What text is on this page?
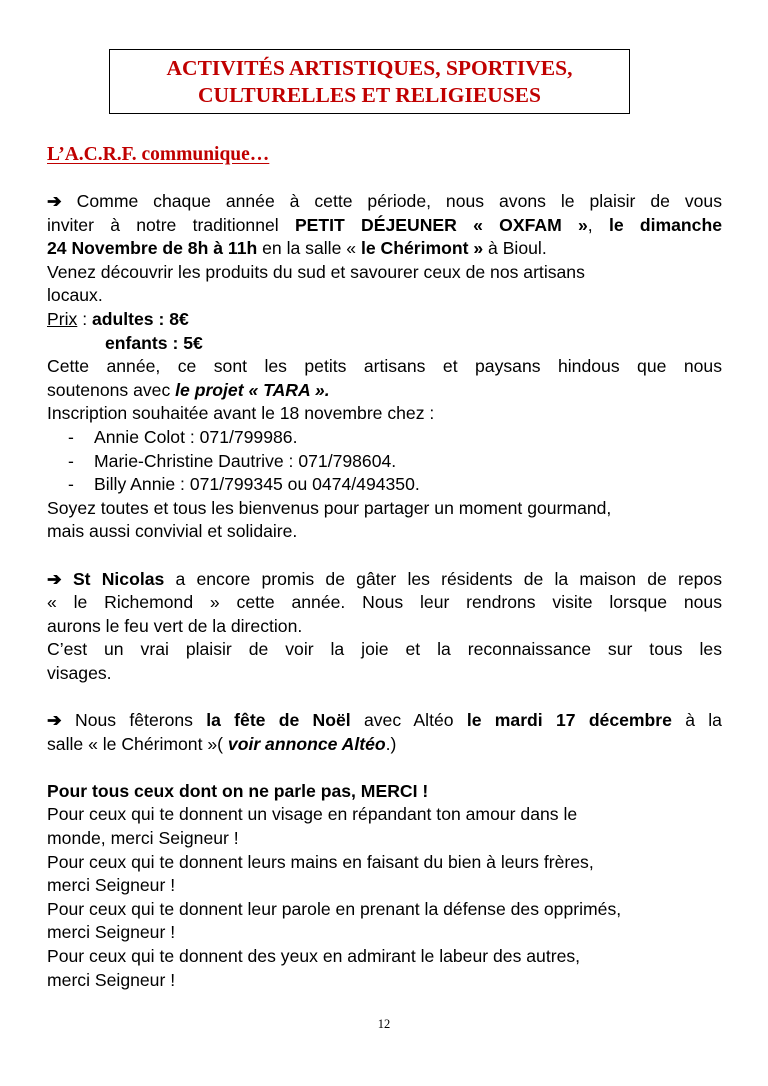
ACTIVITÉS ARTISTIQUES, SPORTIVES,
CULTURELLES ET RELIGIEUSES
L’A.C.R.F. communique…
➔ Comme chaque année à cette période, nous avons le plaisir de vous
inviter à notre traditionnel PETIT DÉJEUNER « OXFAM », le dimanche
24 Novembre de 8h à 11h en la salle « le Chérimont » à Bioul.
Venez découvrir les produits du sud et savourer ceux de nos artisans
locaux.
Prix : adultes : 8€
enfants : 5€
Cette année, ce sont les petits artisans et paysans hindous que nous
soutenons avec le projet « TARA ».
Inscription souhaitée avant le 18 novembre chez :
- Annie Colot : 071/799986.
- Marie-Christine Dautrive : 071/798604.
- Billy Annie : 071/799345 ou 0474/494350.
Soyez toutes et tous les bienvenus pour partager un moment gourmand,
mais aussi convivial et solidaire.
➔ St Nicolas a encore promis de gâter les résidents de la maison de repos
« le Richemond » cette année. Nous leur rendrons visite lorsque nous
aurons le feu vert de la direction.
C’est un vrai plaisir de voir la joie et la reconnaissance sur tous les
visages.
➔ Nous fêterons la fête de Noël avec Altéo le mardi 17 décembre à la
salle « le Chérimont »( voir annonce Altéo.)
Pour tous ceux dont on ne parle pas, MERCI !
Pour ceux qui te donnent un visage en répandant ton amour dans le
monde, merci Seigneur !
Pour ceux qui te donnent leurs mains en faisant du bien à leurs frères,
merci Seigneur !
Pour ceux qui te donnent leur parole en prenant la défense des opprimés,
merci Seigneur !
Pour ceux qui te donnent des yeux en admirant le labeur des autres,
merci Seigneur !
12
